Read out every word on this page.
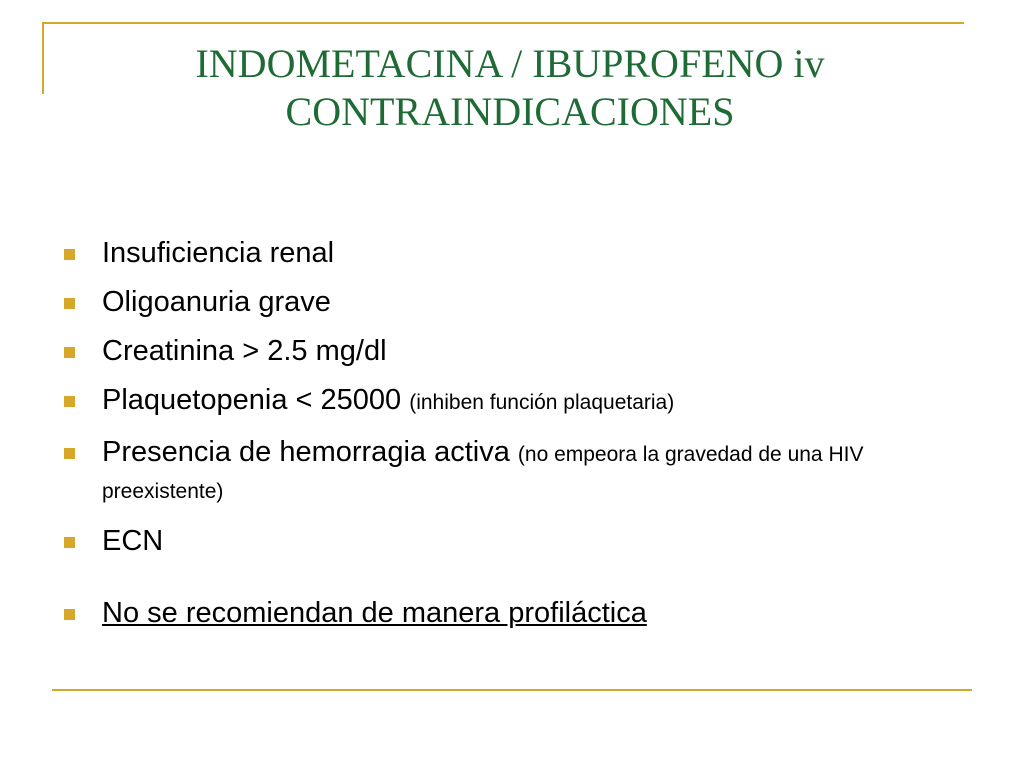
INDOMETACINA / IBUPROFENO iv
CONTRAINDICACIONES
Insuficiencia renal
Oligoanuria grave
Creatinina > 2.5 mg/dl
Plaquetopenia < 25000 (inhiben función plaquetaria)
Presencia de hemorragia activa (no empeora la gravedad de una HIV preexistente)
ECN
No se recomiendan de manera profiláctica
